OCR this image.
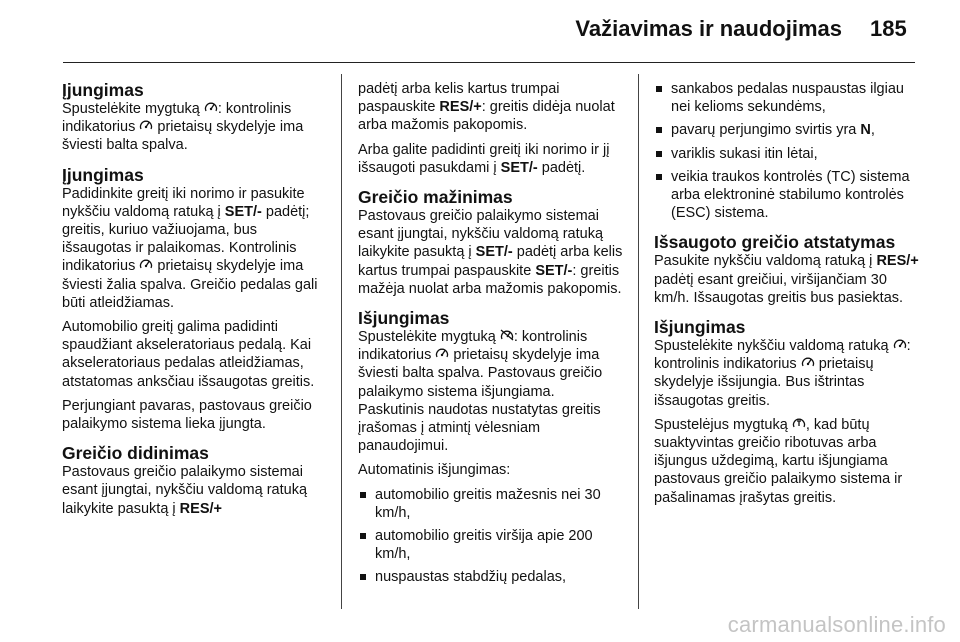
Važiavimas ir naudojimas 185
Įjungimas

Spustelėkite mygtuką : kontrolinis indikatorius  prietaisų skydelyje ima šviesti balta spalva.

Įjungimas

Padidinkite greitį iki norimo ir pasukite nykščiu valdomą ratuką į SET/- padėtį; greitis, kuriuo važiuojama, bus išsaugotas ir palaikomas. Kontrolinis indikatorius  prietaisų skydelyje ima šviesti žalia spalva. Greičio pedalas gali būti atleidžiamas.

Automobilio greitį galima padidinti spaudžiant akseleratoriaus pedalą. Kai akseleratoriaus pedalas atleidžiamas, atstatomas anksčiau išsaugotas greitis.

Perjungiant pavaras, pastovaus greičio palaikymo sistema lieka įjungta.

Greičio didinimas

Pastovaus greičio palaikymo sistemai esant įjungtai, nykščiu valdomą ratuką laikykite pasuktą į RES/+

padėtį arba kelis kartus trumpai paspauskite RES/+: greitis didėja nuolat arba mažomis pakopomis.

Arba galite padidinti greitį iki norimo ir jį išsaugoti pasukdami į SET/- padėtį.

Greičio mažinimas

Pastovaus greičio palaikymo sistemai esant įjungtai, nykščiu valdomą ratuką laikykite pasuktą į SET/- padėtį arba kelis kartus trumpai paspauskite SET/-: greitis mažėja nuolat arba mažomis pakopomis.

Išjungimas

Spustelėkite mygtuką : kontrolinis indikatorius  prietaisų skydelyje ima šviesti balta spalva. Pastovaus greičio palaikymo sistema išjungiama. Paskutinis naudotas nustatytas greitis įrašomas į atmintį vėlesniam panaudojimui.

Automatinis išjungimas:

automobilio greitis mažesnis nei 30 km/h,
automobilio greitis viršija apie 200 km/h,
nuspaustas stabdžių pedalas,
sankabos pedalas nuspaustas ilgiau nei kelioms sekundėms,
pavarų perjungimo svirtis yra N,
variklis sukasi itin lėtai,
veikia traukos kontrolės (TC) sistema arba elektroninė stabilumo kontrolės (ESC) sistema.
Išsaugoto greičio atstatymas

Pasukite nykščiu valdomą ratuką į RES/+ padėtį esant greičiui, viršijančiam 30 km/h. Išsaugotas greitis bus pasiektas.

Išjungimas

Spustelėkite nykščiu valdomą ratuką : kontrolinis indikatorius  prietaisų skydelyje išsijungia. Bus ištrintas išsaugotas greitis.

Spustelėjus mygtuką , kad būtų suaktyvintas greičio ribotuvas arba išjungus uždegimą, kartu išjungiama pastovaus greičio palaikymo sistema ir pašalinamas įrašytas greitis.

carmanualsonline.info
